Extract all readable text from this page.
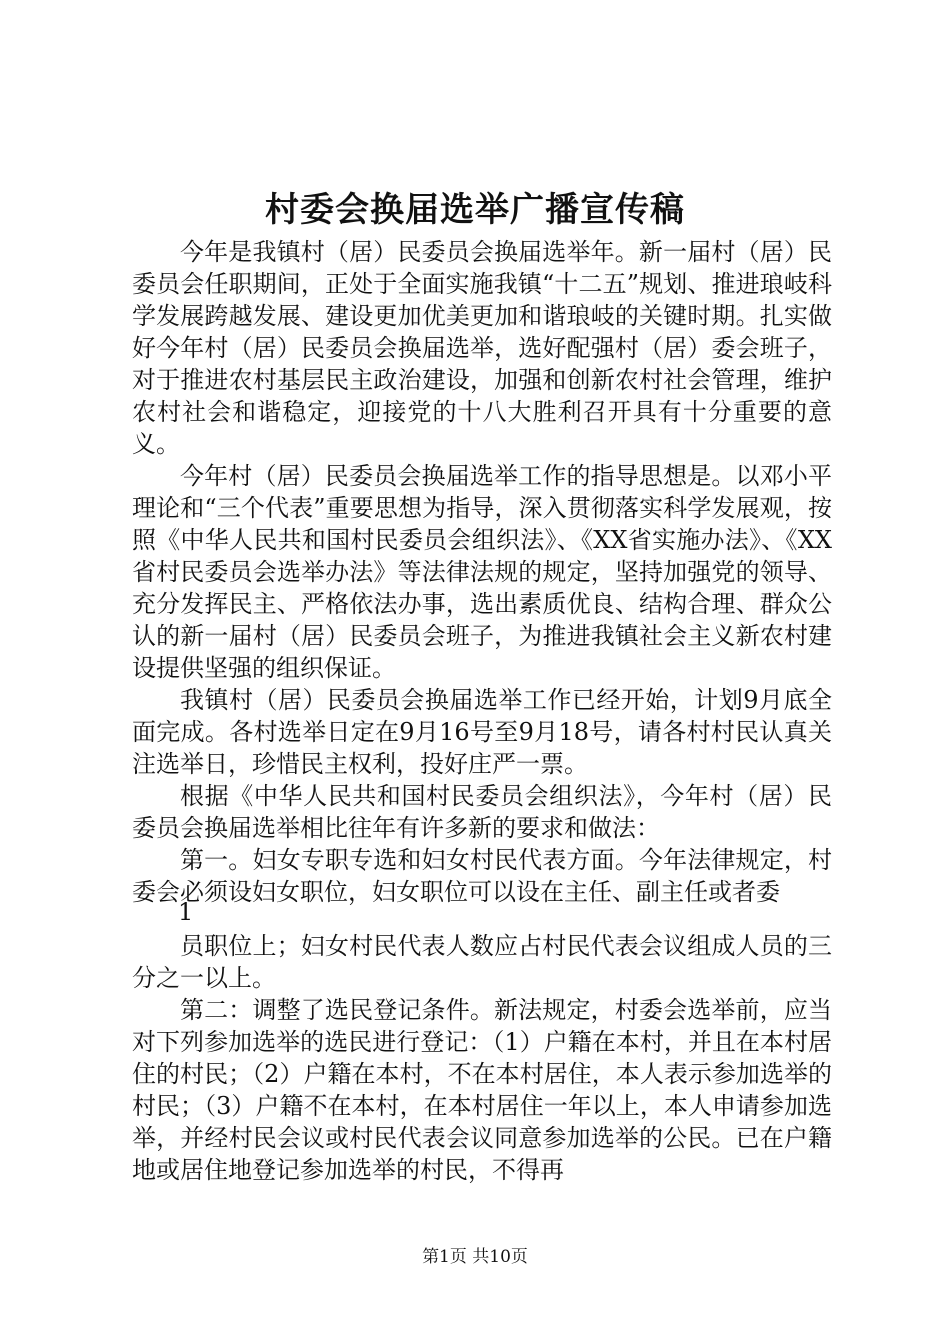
村委会换届选举广播宣传稿

今年是我镇村（居）民委员会换届选举年。新一届村（居）民委员会任职期间，正处于全面实施我镇“十二五”规划、推进琅岐科学发展跨越发展、建设更加优美更加和谐琅岐的关键时期。扎实做好今年村（居）民委员会换届选举，选好配强村（居）委会班子，对于推进农村基层民主政治建设，加强和创新农村社会管理，维护农村社会和谐稳定，迎接党的十八大胜利召开具有十分重要的意义。

今年村（居）民委员会换届选举工作的指导思想是。以邓小平理论和“三个代表”重要思想为指导，深入贯彻落实科学发展观，按照《中华人民共和国村民委员会组织法》、《XX省实施办法》、《XX省村民委员会选举办法》等法律法规的规定，坚持加强党的领导、充分发挥民主、严格依法办事，选出素质优良、结构合理、群众公认的新一届村（居）民委员会班子，为推进我镇社会主义新农村建设提供坚强的组织保证。

我镇村（居）民委员会换届选举工作已经开始，计划9月底全面完成。各村选举日定在9月16号至9月18号，请各村村民认真关注选举日，珍惜民主权利，投好庄严一票。

根据《中华人民共和国村民委员会组织法》，今年村（居）民委员会换届选举相比往年有许多新的要求和做法：

第一。妇女专职专选和妇女村民代表方面。今年法律规定，村委会必须设妇女职位，妇女职位可以设在主任、副主任或者委

1

员职位上；妇女村民代表人数应占村民代表会议组成人员的三分之一以上。

第二：调整了选民登记条件。新法规定，村委会选举前，应当对下列参加选举的选民进行登记：（1）户籍在本村，并且在本村居住的村民；（2）户籍在本村，不在本村居住，本人表示参加选举的村民；（3）户籍不在本村，在本村居住一年以上，本人申请参加选举，并经村民会议或村民代表会议同意参加选举的公民。已在户籍地或居住地登记参加选举的村民，不得再

第1页 共10页
